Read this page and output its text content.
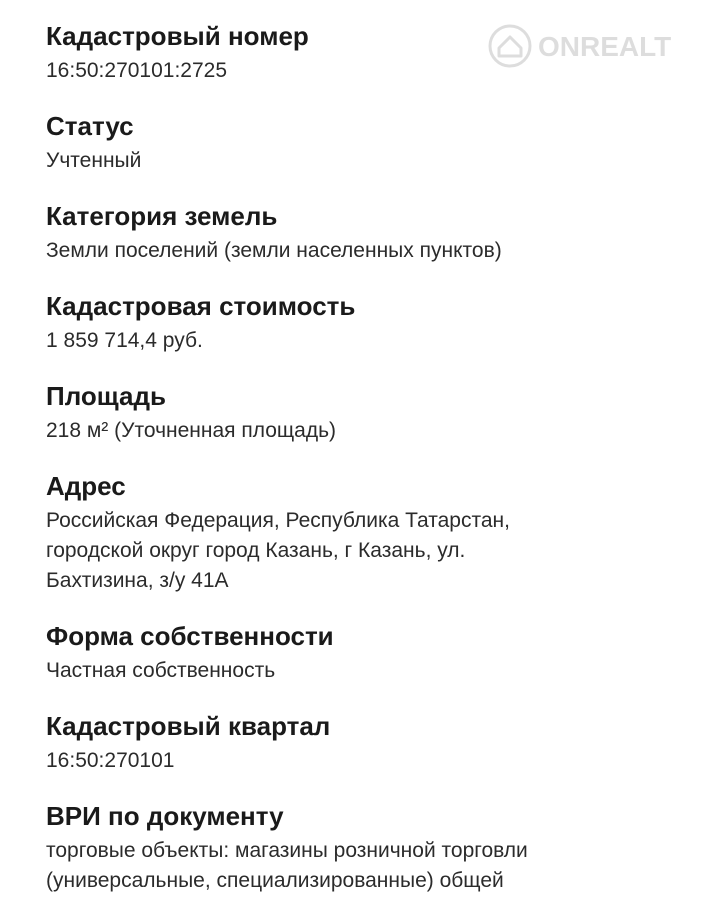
ONREALT
Кадастровый номер
16:50:270101:2725
Статус
Учтенный
Категория земель
Земли поселений (земли населенных пунктов)
Кадастровая стоимость
1 859 714,4 руб.
Площадь
218 м² (Уточненная площадь)
Адрес
Российская Федерация, Республика Татарстан,
городской округ город Казань, г Казань, ул.
Бахтизина, з/у 41А
Форма собственности
Частная собственность
Кадастровый квартал
16:50:270101
ВРИ по документу
торговые объекты: магазины розничной торговли
(универсальные, специализированные) общей
